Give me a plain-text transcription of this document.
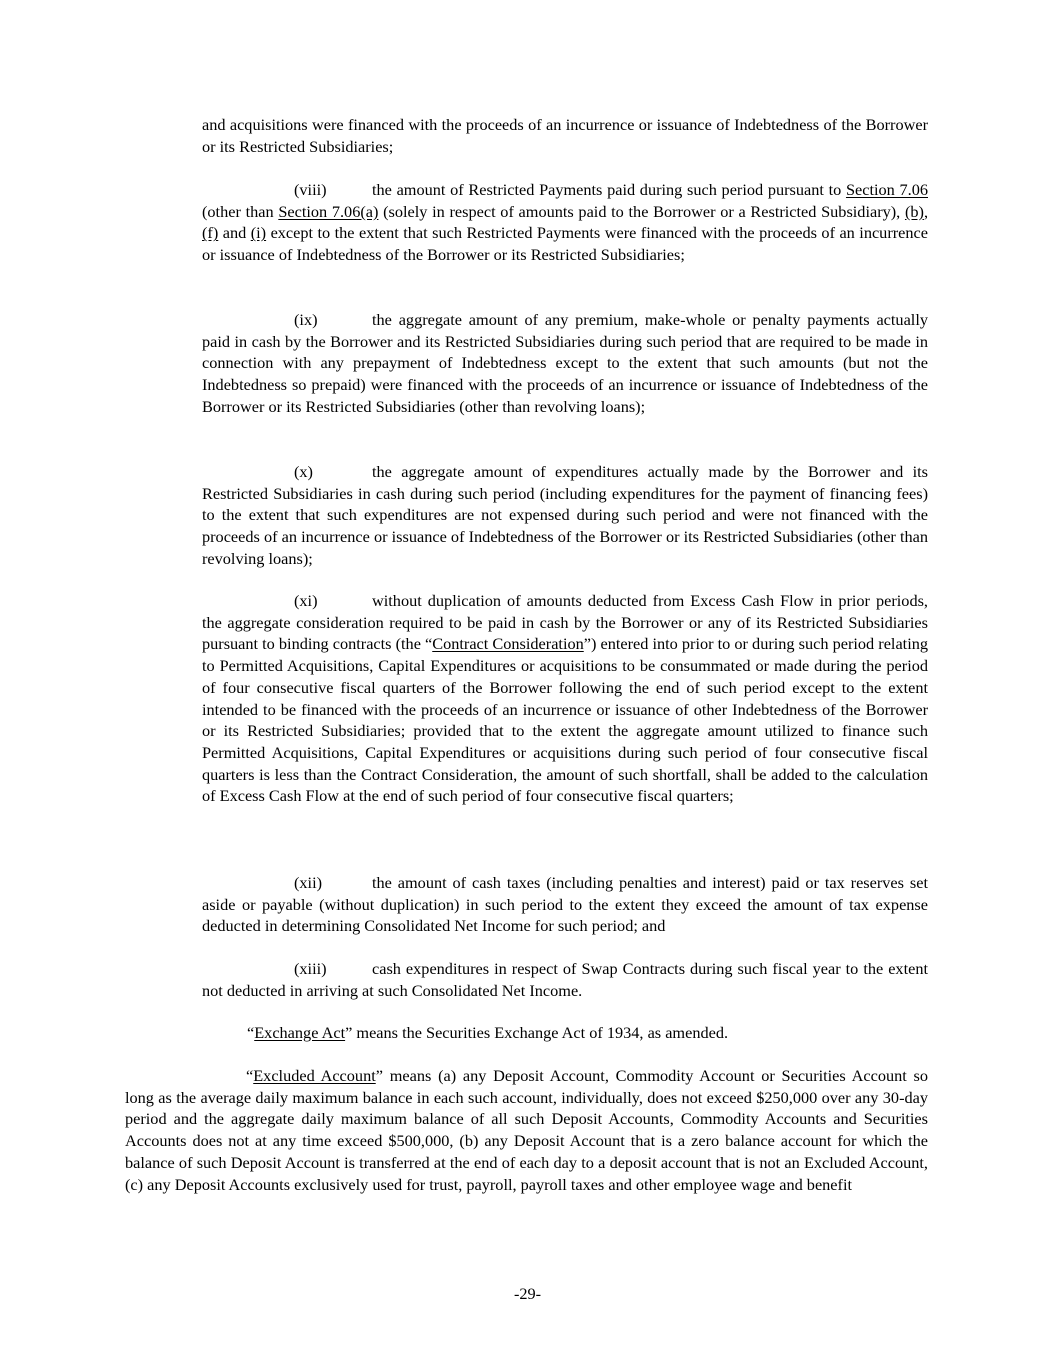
and acquisitions were financed with the proceeds of an incurrence or issuance of Indebtedness of the Borrower or its Restricted Subsidiaries;

(viii)	the amount of Restricted Payments paid during such period pursuant to Section 7.06 (other than Section 7.06(a) (solely in respect of amounts paid to the Borrower or a Restricted Subsidiary), (b), (f) and (i) except to the extent that such Restricted Payments were financed with the proceeds of an incurrence or issuance of Indebtedness of the Borrower or its Restricted Subsidiaries;

(ix)	the aggregate amount of any premium, make-whole or penalty payments actually paid in cash by the Borrower and its Restricted Subsidiaries during such period that are required to be made in connection with any prepayment of Indebtedness except to the extent that such amounts (but not the Indebtedness so prepaid) were financed with the proceeds of an incurrence or issuance of Indebtedness of the Borrower or its Restricted Subsidiaries (other than revolving loans);

(x)	the aggregate amount of expenditures actually made by the Borrower and its Restricted Subsidiaries in cash during such period (including expenditures for the payment of financing fees) to the extent that such expenditures are not expensed during such period and were not financed with the proceeds of an incurrence or issuance of Indebtedness of the Borrower or its Restricted Subsidiaries (other than revolving loans);

(xi)	without duplication of amounts deducted from Excess Cash Flow in prior periods, the aggregate consideration required to be paid in cash by the Borrower or any of its Restricted Subsidiaries pursuant to binding contracts (the “Contract Consideration”) entered into prior to or during such period relating to Permitted Acquisitions, Capital Expenditures or acquisitions to be consummated or made during the period of four consecutive fiscal quarters of the Borrower following the end of such period except to the extent intended to be financed with the proceeds of an incurrence or issuance of other Indebtedness of the Borrower or its Restricted Subsidiaries; provided that to the extent the aggregate amount utilized to finance such Permitted Acquisitions, Capital Expenditures or acquisitions during such period of four consecutive fiscal quarters is less than the Contract Consideration, the amount of such shortfall, shall be added to the calculation of Excess Cash Flow at the end of such period of four consecutive fiscal quarters;

(xii)	the amount of cash taxes (including penalties and interest) paid or tax reserves set aside or payable (without duplication) in such period to the extent they exceed the amount of tax expense deducted in determining Consolidated Net Income for such period; and

(xiii)	cash expenditures in respect of Swap Contracts during such fiscal year to the extent not deducted in arriving at such Consolidated Net Income.

“Exchange Act” means the Securities Exchange Act of 1934, as amended.

“Excluded Account” means (a) any Deposit Account, Commodity Account or Securities Account so long as the average daily maximum balance in each such account, individually, does not exceed $250,000 over any 30-day period and the aggregate daily maximum balance of all such Deposit Accounts, Commodity Accounts and Securities Accounts does not at any time exceed $500,000, (b) any Deposit Account that is a zero balance account for which the balance of such Deposit Account is transferred at the end of each day to a deposit account that is not an Excluded Account, (c) any Deposit Accounts exclusively used for trust, payroll, payroll taxes and other employee wage and benefit

-29-
